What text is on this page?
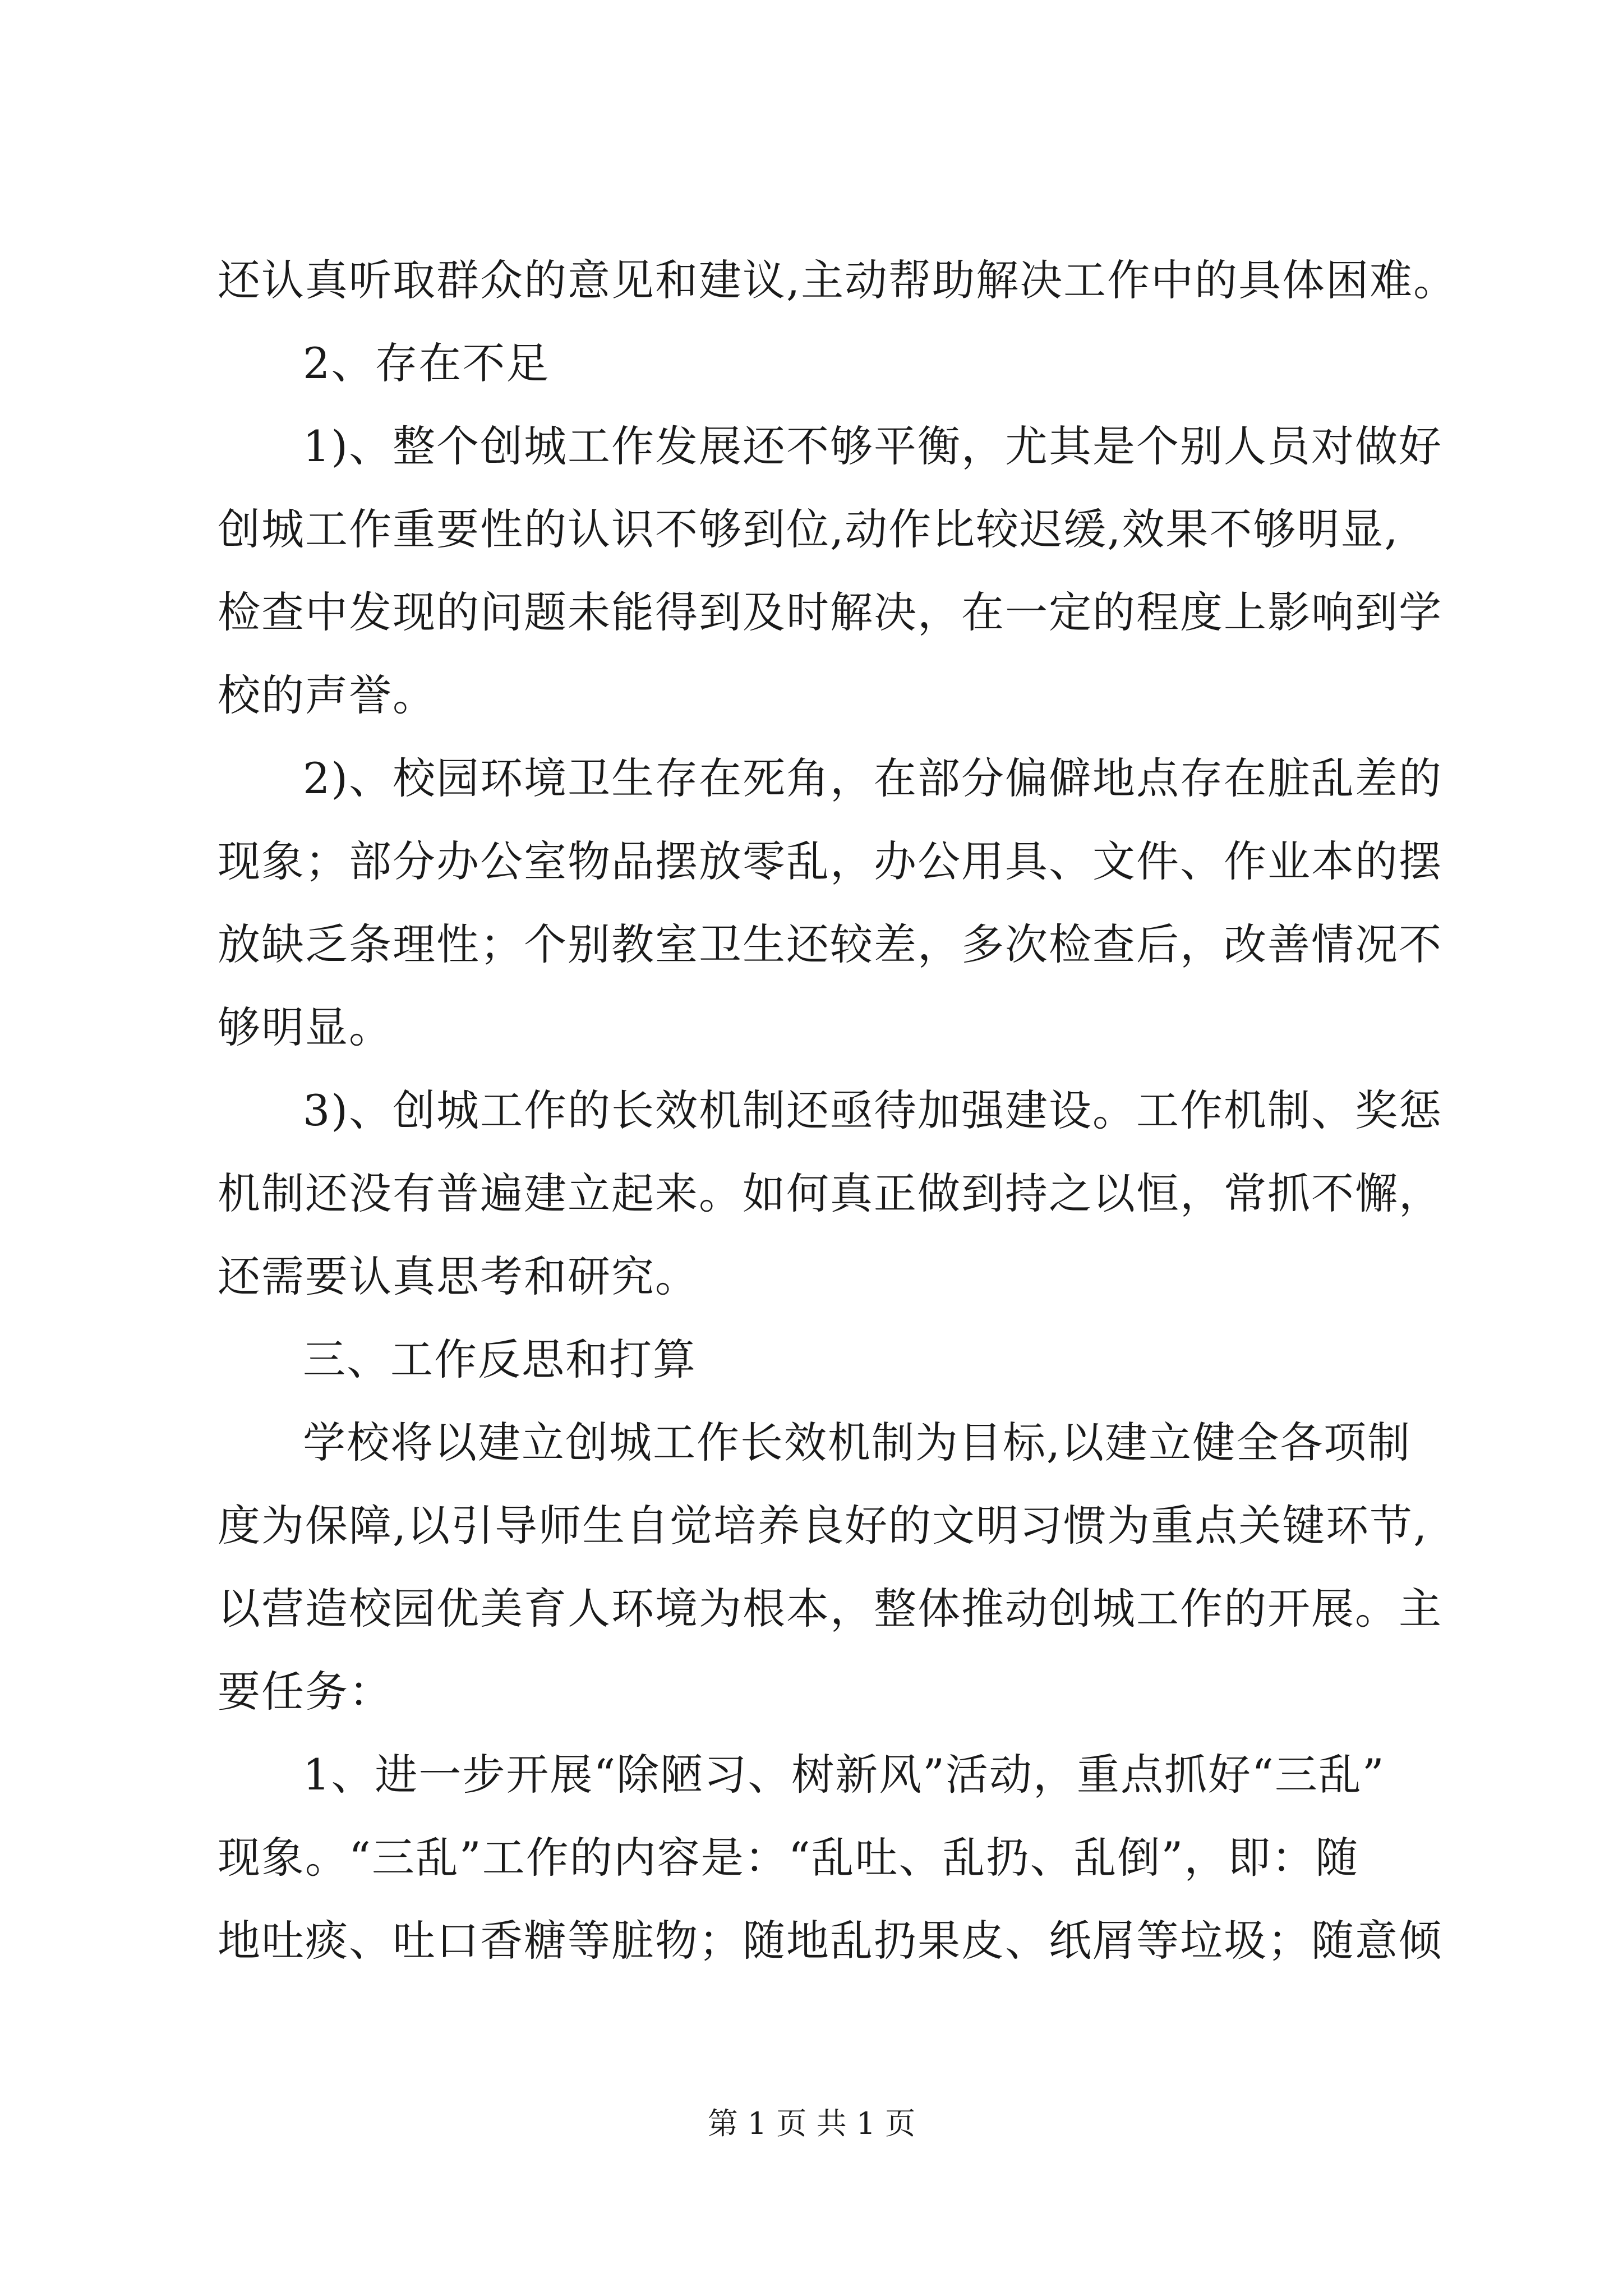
第 1 页 共 1 页
还认真听取群众的意见和建议,主动帮助解决工作中的具体困难。
2、存在不足
1)、整个创城工作发展还不够平衡，尤其是个别人员对做好
创城工作重要性的认识不够到位,动作比较迟缓,效果不够明显,
检查中发现的问题未能得到及时解决，在一定的程度上影响到学
校的声誉。
2)、校园环境卫生存在死角，在部分偏僻地点存在脏乱差的
现象；部分办公室物品摆放零乱，办公用具、文件、作业本的摆
放缺乏条理性；个别教室卫生还较差，多次检查后，改善情况不
够明显。
3)、创城工作的长效机制还亟待加强建设。工作机制、奖惩
机制还没有普遍建立起来。如何真正做到持之以恒，常抓不懈，
还需要认真思考和研究。
三、工作反思和打算
学校将以建立创城工作长效机制为目标,以建立健全各项制
度为保障,以引导师生自觉培养良好的文明习惯为重点关键环节,
以营造校园优美育人环境为根本，整体推动创城工作的开展。主
要任务：
1、进一步开展“除陋习、树新风”活动，重点抓好“三乱”
现象。“三乱”工作的内容是：“乱吐、乱扔、乱倒”，即：随
地吐痰、吐口香糖等脏物；随地乱扔果皮、纸屑等垃圾；随意倾
